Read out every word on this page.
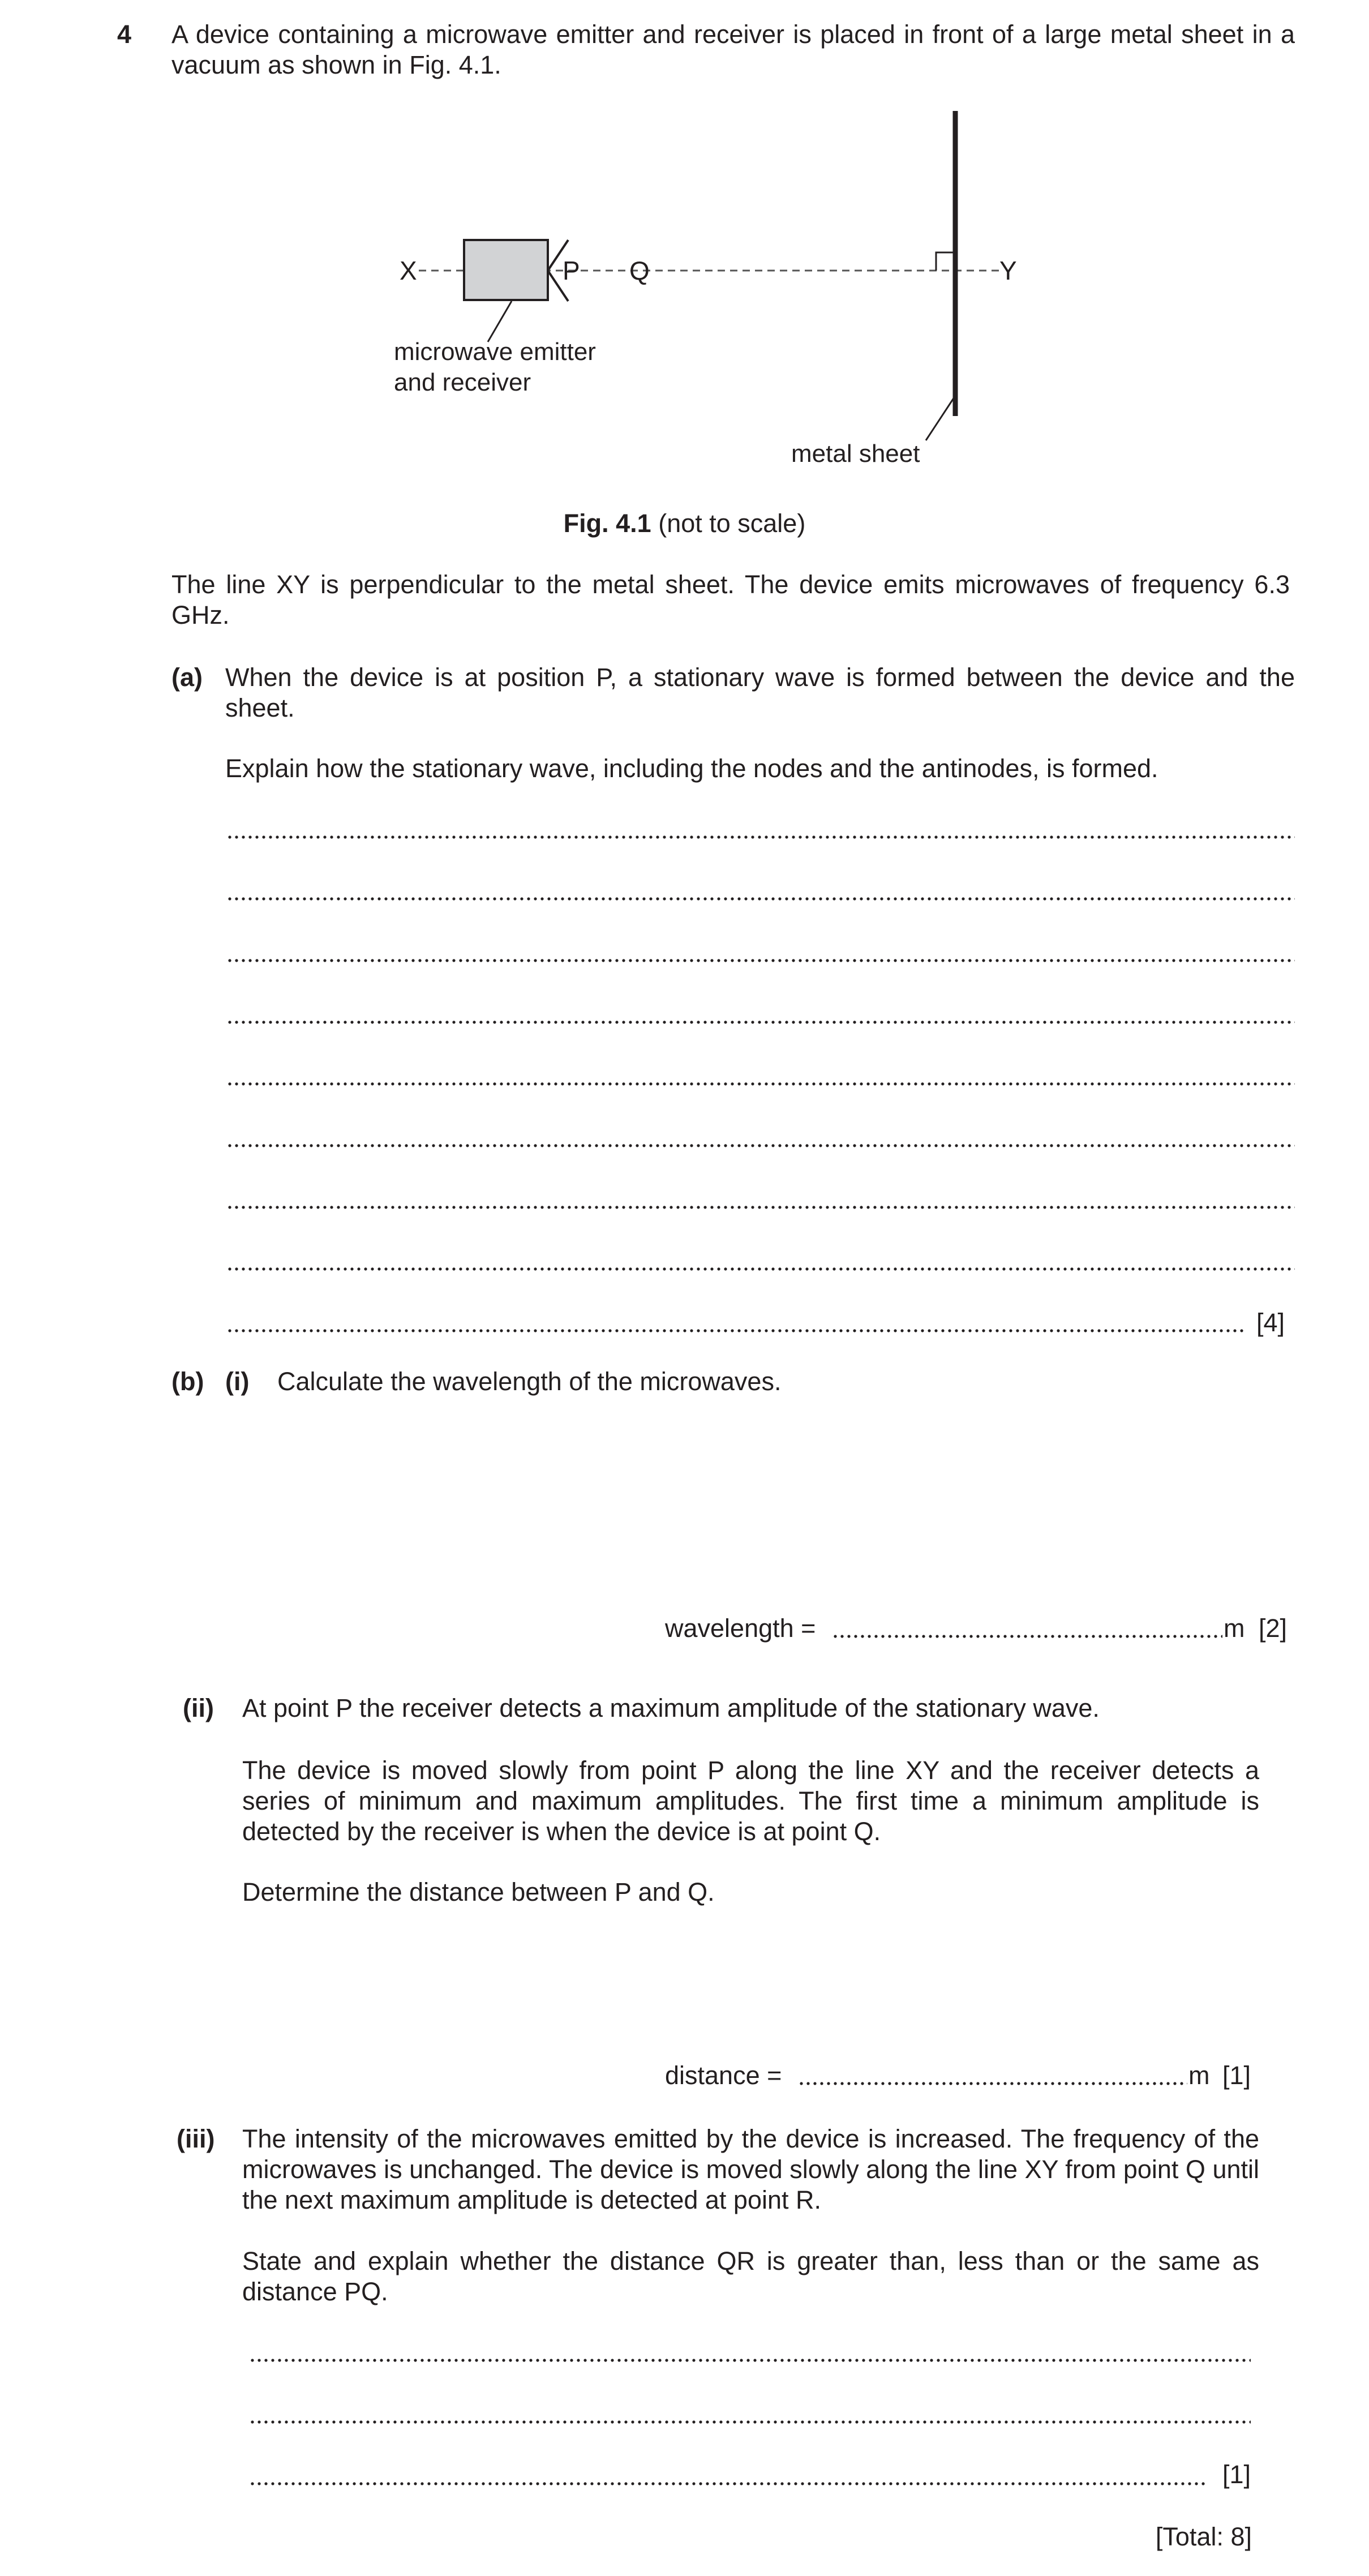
4 A device containing a microwave emitter and receiver is placed in front of a large metal sheet in a vacuum as shown in Fig. 4.1.
X	P Q	Y
microwave emitter
and receiver
metal sheet
Fig. 4.1 (not to scale)
The line XY is perpendicular to the metal sheet. The device emits microwaves of frequency 6.3 GHz.
(a) When the device is at position P, a stationary wave is formed between the device and the sheet.
Explain how the stationary wave, including the nodes and the antinodes, is formed.
[4]
(b) (i) Calculate the wavelength of the microwaves.
wavelength =	m [2]
(ii) At point P the receiver detects a maximum amplitude of the stationary wave.
The device is moved slowly from point P along the line XY and the receiver detects a series of minimum and maximum amplitudes. The first time a minimum amplitude is detected by the receiver is when the device is at point Q.
Determine the distance between P and Q.
distance =	m [1]
(iii) The intensity of the microwaves emitted by the device is increased. The frequency of the microwaves is unchanged. The device is moved slowly along the line XY from point Q until the next maximum amplitude is detected at point R.
State and explain whether the distance QR is greater than, less than or the same as distance PQ.
[1]
[Total: 8]
